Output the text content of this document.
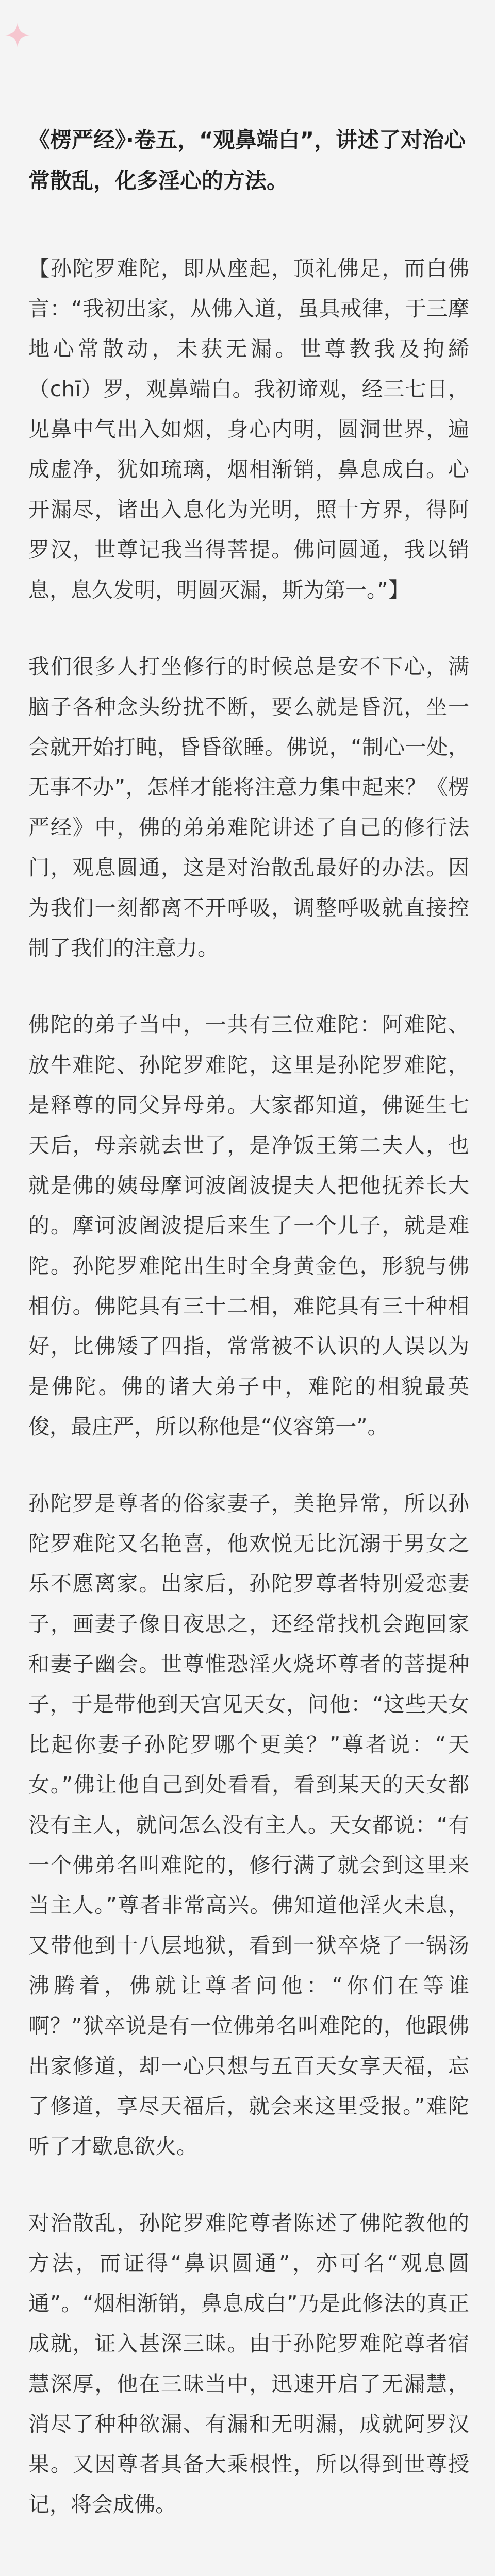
《楞严经》·卷五，“观鼻端白”，讲述了对治心常散乱，化多淫心的方法。
【孙陀罗难陀，即从座起，顶礼佛足，而白佛言：“我初出家，从佛入道，虽具戒律，于三摩地心常散动，未获无漏。世尊教我及拘絺（chī）罗，观鼻端白。我初谛观，经三七日，见鼻中气出入如烟，身心内明，圆洞世界，遍成虚净，犹如琉璃，烟相渐销，鼻息成白。心开漏尽，诸出入息化为光明，照十方界，得阿罗汉，世尊记我当得菩提。佛问圆通，我以销息，息久发明，明圆灭漏，斯为第一。”】

我们很多人打坐修行的时候总是安不下心，满脑子各种念头纷扰不断，要么就是昏沉，坐一会就开始打盹，昏昏欲睡。佛说，“制心一处，无事不办”，怎样才能将注意力集中起来？《楞严经》中，佛的弟弟难陀讲述了自己的修行法门，观息圆通，这是对治散乱最好的办法。因为我们一刻都离不开呼吸，调整呼吸就直接控制了我们的注意力。

佛陀的弟子当中，一共有三位难陀：阿难陀、放牛难陀、孙陀罗难陀，这里是孙陀罗难陀，是释尊的同父异母弟。大家都知道，佛诞生七天后，母亲就去世了，是净饭王第二夫人，也就是佛的姨母摩诃波阇波提夫人把他抚养长大的。摩诃波阇波提后来生了一个儿子，就是难陀。孙陀罗难陀出生时全身黄金色，形貌与佛相仿。佛陀具有三十二相，难陀具有三十种相好，比佛矮了四指，常常被不认识的人误以为是佛陀。佛的诸大弟子中，难陀的相貌最英俊，最庄严，所以称他是“仪容第一”。

孙陀罗是尊者的俗家妻子，美艳异常，所以孙陀罗难陀又名艳喜，他欢悦无比沉溺于男女之乐不愿离家。出家后，孙陀罗尊者特别爱恋妻子，画妻子像日夜思之，还经常找机会跑回家和妻子幽会。世尊惟恐淫火烧坏尊者的菩提种子，于是带他到天宫见天女，问他：“这些天女比起你妻子孙陀罗哪个更美？”尊者说：“天女。”佛让他自己到处看看，看到某天的天女都没有主人，就问怎么没有主人。天女都说：“有一个佛弟名叫难陀的，修行满了就会到这里来当主人。”尊者非常高兴。佛知道他淫火未息，又带他到十八层地狱，看到一狱卒烧了一锅汤沸腾着，佛就让尊者问他：“你们在等谁啊？”狱卒说是有一位佛弟名叫难陀的，他跟佛出家修道，却一心只想与五百天女享天福，忘了修道，享尽天福后，就会来这里受报。”难陀听了才歇息欲火。

对治散乱，孙陀罗难陀尊者陈述了佛陀教他的方法，而证得“鼻识圆通”，亦可名“观息圆通”。“烟相渐销，鼻息成白”乃是此修法的真正成就，证入甚深三昧。由于孙陀罗难陀尊者宿慧深厚，他在三昧当中，迅速开启了无漏慧，消尽了种种欲漏、有漏和无明漏，成就阿罗汉果。又因尊者具备大乘根性，所以得到世尊授记，将会成佛。
